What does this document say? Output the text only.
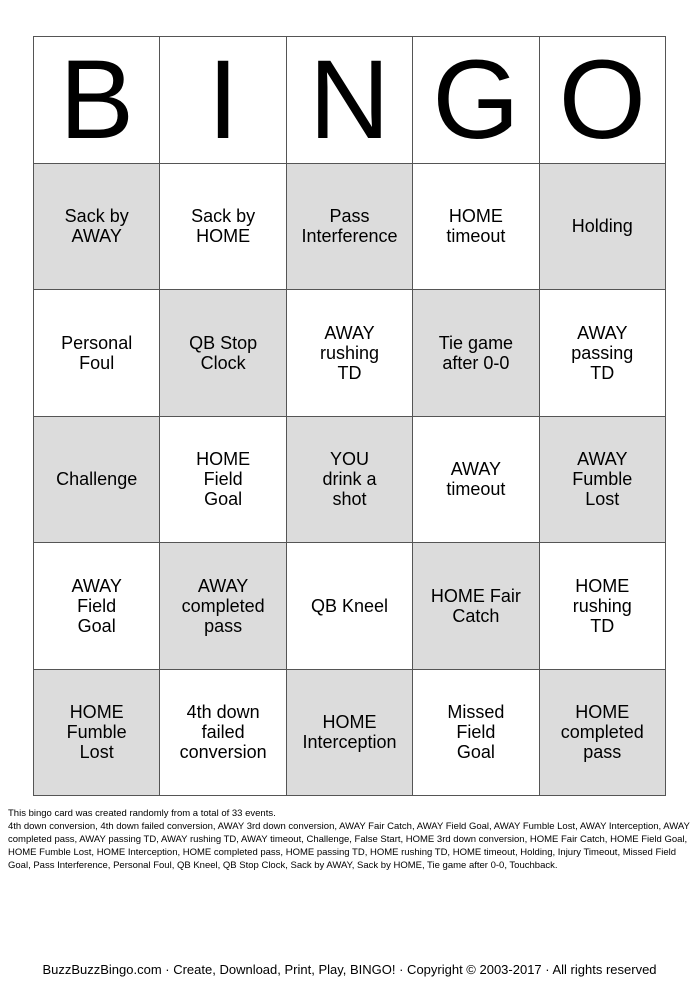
B I N G O
Sack by AWAY
Sack by HOME
Pass Interference
HOME timeout	Holding
Personal Foul
QB Stop Clock
AWAY rushing TD
Tie game after 0-0
AWAY passing TD
Challenge
HOME Field Goal
YOU drink a shot
AWAY timeout
AWAY Fumble Lost
AWAY Field Goal
AWAY completed pass
QB Kneel HOME Fair Catch
HOME rushing TD
HOME Fumble Lost
4th down failed conversion
HOME Interception
Missed Field Goal
HOME completed pass

This bingo card was created randomly from a total of 33 events.

4th down conversion, 4th down failed conversion, AWAY 3rd down conversion, AWAY Fair Catch, AWAY Field Goal, AWAY Fumble Lost, AWAY Interception, AWAY completed pass, AWAY passing TD, AWAY rushing TD, AWAY timeout, Challenge, False Start, HOME 3rd down conversion, HOME Fair Catch, HOME Field Goal, HOME Fumble Lost, HOME Interception, HOME completed pass, HOME passing TD, HOME rushing TD, HOME timeout, Holding, Injury Timeout, Missed Field Goal, Pass Interference, Personal Foul, QB Kneel, QB Stop Clock, Sack by AWAY, Sack by HOME, Tie game after 0-0, Touchback.

BuzzBuzzBingo.com · Create, Download, Print, Play, BINGO! · Copyright © 2003-2017 · All rights reserved
